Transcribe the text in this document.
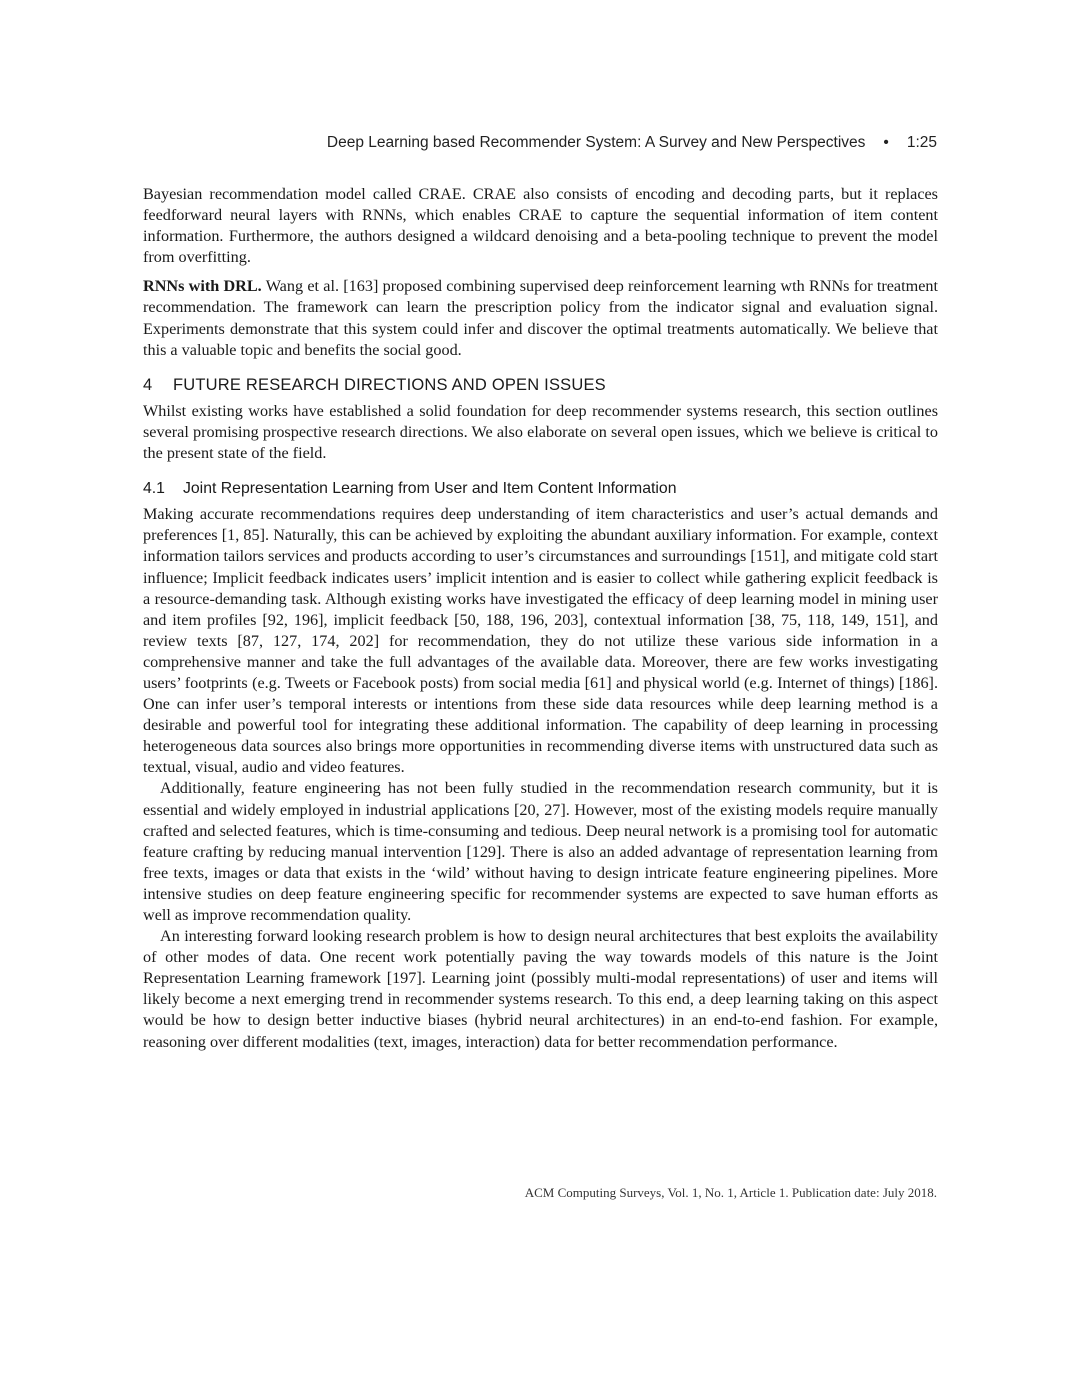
Deep Learning based Recommender System: A Survey and New Perspectives • 1:25

Bayesian recommendation model called CRAE. CRAE also consists of encoding and decoding parts, but it replaces feedforward neural layers with RNNs, which enables CRAE to capture the sequential information of item content information. Furthermore, the authors designed a wildcard denoising and a beta-pooling technique to prevent the model from overfitting.

RNNs with DRL. Wang et al. [163] proposed combining supervised deep reinforcement learning wth RNNs for treatment recommendation. The framework can learn the prescription policy from the indicator signal and evaluation signal. Experiments demonstrate that this system could infer and discover the optimal treatments automatically. We believe that this a valuable topic and benefits the social good.

4 FUTURE RESEARCH DIRECTIONS AND OPEN ISSUES

Whilst existing works have established a solid foundation for deep recommender systems research, this section outlines several promising prospective research directions. We also elaborate on several open issues, which we believe is critical to the present state of the field.

4.1 Joint Representation Learning from User and Item Content Information

Making accurate recommendations requires deep understanding of item characteristics and user’s actual demands and preferences [1, 85]. Naturally, this can be achieved by exploiting the abundant auxiliary information. For example, context information tailors services and products according to user’s circumstances and surroundings [151], and mitigate cold start influence; Implicit feedback indicates users’ implicit intention and is easier to collect while gathering explicit feedback is a resource-demanding task. Although existing works have investigated the efficacy of deep learning model in mining user and item profiles [92, 196], implicit feedback [50, 188, 196, 203], contextual information [38, 75, 118, 149, 151], and review texts [87, 127, 174, 202] for recommendation, they do not utilize these various side information in a comprehensive manner and take the full advantages of the available data. Moreover, there are few works investigating users’ footprints (e.g. Tweets or Facebook posts) from social media [61] and physical world (e.g. Internet of things) [186]. One can infer user’s temporal interests or intentions from these side data resources while deep learning method is a desirable and powerful tool for integrating these additional information. The capability of deep learning in processing heterogeneous data sources also brings more opportunities in recommending diverse items with unstructured data such as textual, visual, audio and video features.

Additionally, feature engineering has not been fully studied in the recommendation research community, but it is essential and widely employed in industrial applications [20, 27]. However, most of the existing models require manually crafted and selected features, which is time-consuming and tedious. Deep neural network is a promising tool for automatic feature crafting by reducing manual intervention [129]. There is also an added advantage of representation learning from free texts, images or data that exists in the ‘wild’ without having to design intricate feature engineering pipelines. More intensive studies on deep feature engineering specific for recommender systems are expected to save human efforts as well as improve recommendation quality.

An interesting forward looking research problem is how to design neural architectures that best exploits the availability of other modes of data. One recent work potentially paving the way towards models of this nature is the Joint Representation Learning framework [197]. Learning joint (possibly multi-modal representations) of user and items will likely become a next emerging trend in recommender systems research. To this end, a deep learning taking on this aspect would be how to design better inductive biases (hybrid neural architectures) in an end-to-end fashion. For example, reasoning over different modalities (text, images, interaction) data for better recommendation performance.

ACM Computing Surveys, Vol. 1, No. 1, Article 1. Publication date: July 2018.
